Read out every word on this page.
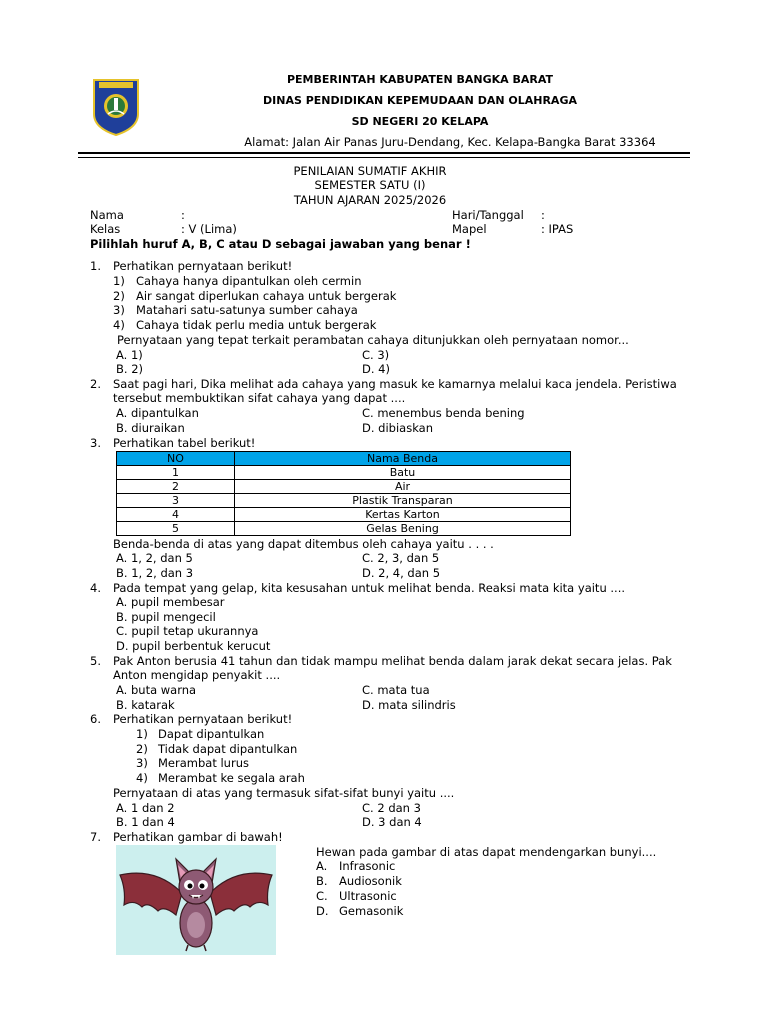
PEMBERINTAH KABUPATEN BANGKA BARAT
DINAS PENDIDIKAN KEPEMUDAAN DAN OLAHRAGA
SD NEGERI 20 KELAPA
Alamat: Jalan Air Panas Juru-Dendang, Kec. Kelapa-Bangka Barat 33364
PENILAIAN SUMATIF AKHIR
SEMESTER SATU (I)
TAHUN AJARAN 2025/2026
Nama	:	Hari/Tanggal :
Kelas	: V (Lima)	Mapel	: IPAS
Pilihlah huruf A, B, C atau D sebagai jawaban yang benar !
1. Perhatikan pernyataan berikut!
1) Cahaya hanya dipantulkan oleh cermin
2) Air sangat diperlukan cahaya untuk bergerak
3) Matahari satu-satunya sumber cahaya
4) Cahaya tidak perlu media untuk bergerak
Pernyataan yang tepat terkait perambatan cahaya ditunjukkan oleh pernyataan nomor...
A. 1)	C. 3)
B. 2)	D. 4)
2. Saat pagi hari, Dika melihat ada cahaya yang masuk ke kamarnya melalui kaca jendela. Peristiwa
tersebut membuktikan sifat cahaya yang dapat ....
A. dipantulkan	C. menembus benda bening
B. diuraikan	D. dibiaskan
3. Perhatikan tabel berikut!
NO	Nama Benda
1	Batu
2	Air
3	Plastik Transparan
4	Kertas Karton
5	Gelas Bening
Benda-benda di atas yang dapat ditembus oleh cahaya yaitu . . . .
A. 1, 2, dan 5	C. 2, 3, dan 5
B. 1, 2, dan 3	D. 2, 4, dan 5
4. Pada tempat yang gelap, kita kesusahan untuk melihat benda. Reaksi mata kita yaitu ....
A. pupil membesar
B. pupil mengecil
C. pupil tetap ukurannya
D. pupil berbentuk kerucut
5. Pak Anton berusia 41 tahun dan tidak mampu melihat benda dalam jarak dekat secara jelas. Pak
Anton mengidap penyakit ....
A. buta warna	C. mata tua
B. katarak	D. mata silindris
6. Perhatikan pernyataan berikut!
1) Dapat dipantulkan
2) Tidak dapat dipantulkan
3) Merambat lurus
4) Merambat ke segala arah
Pernyataan di atas yang termasuk sifat-sifat bunyi yaitu ....
A. 1 dan 2	C. 2 dan 3
B. 1 dan 4	D. 3 dan 4
7. Perhatikan gambar di bawah!
Hewan pada gambar di atas dapat mendengarkan bunyi....
A. Infrasonic
B. Audiosonik
C. Ultrasonic
D. Gemasonik
